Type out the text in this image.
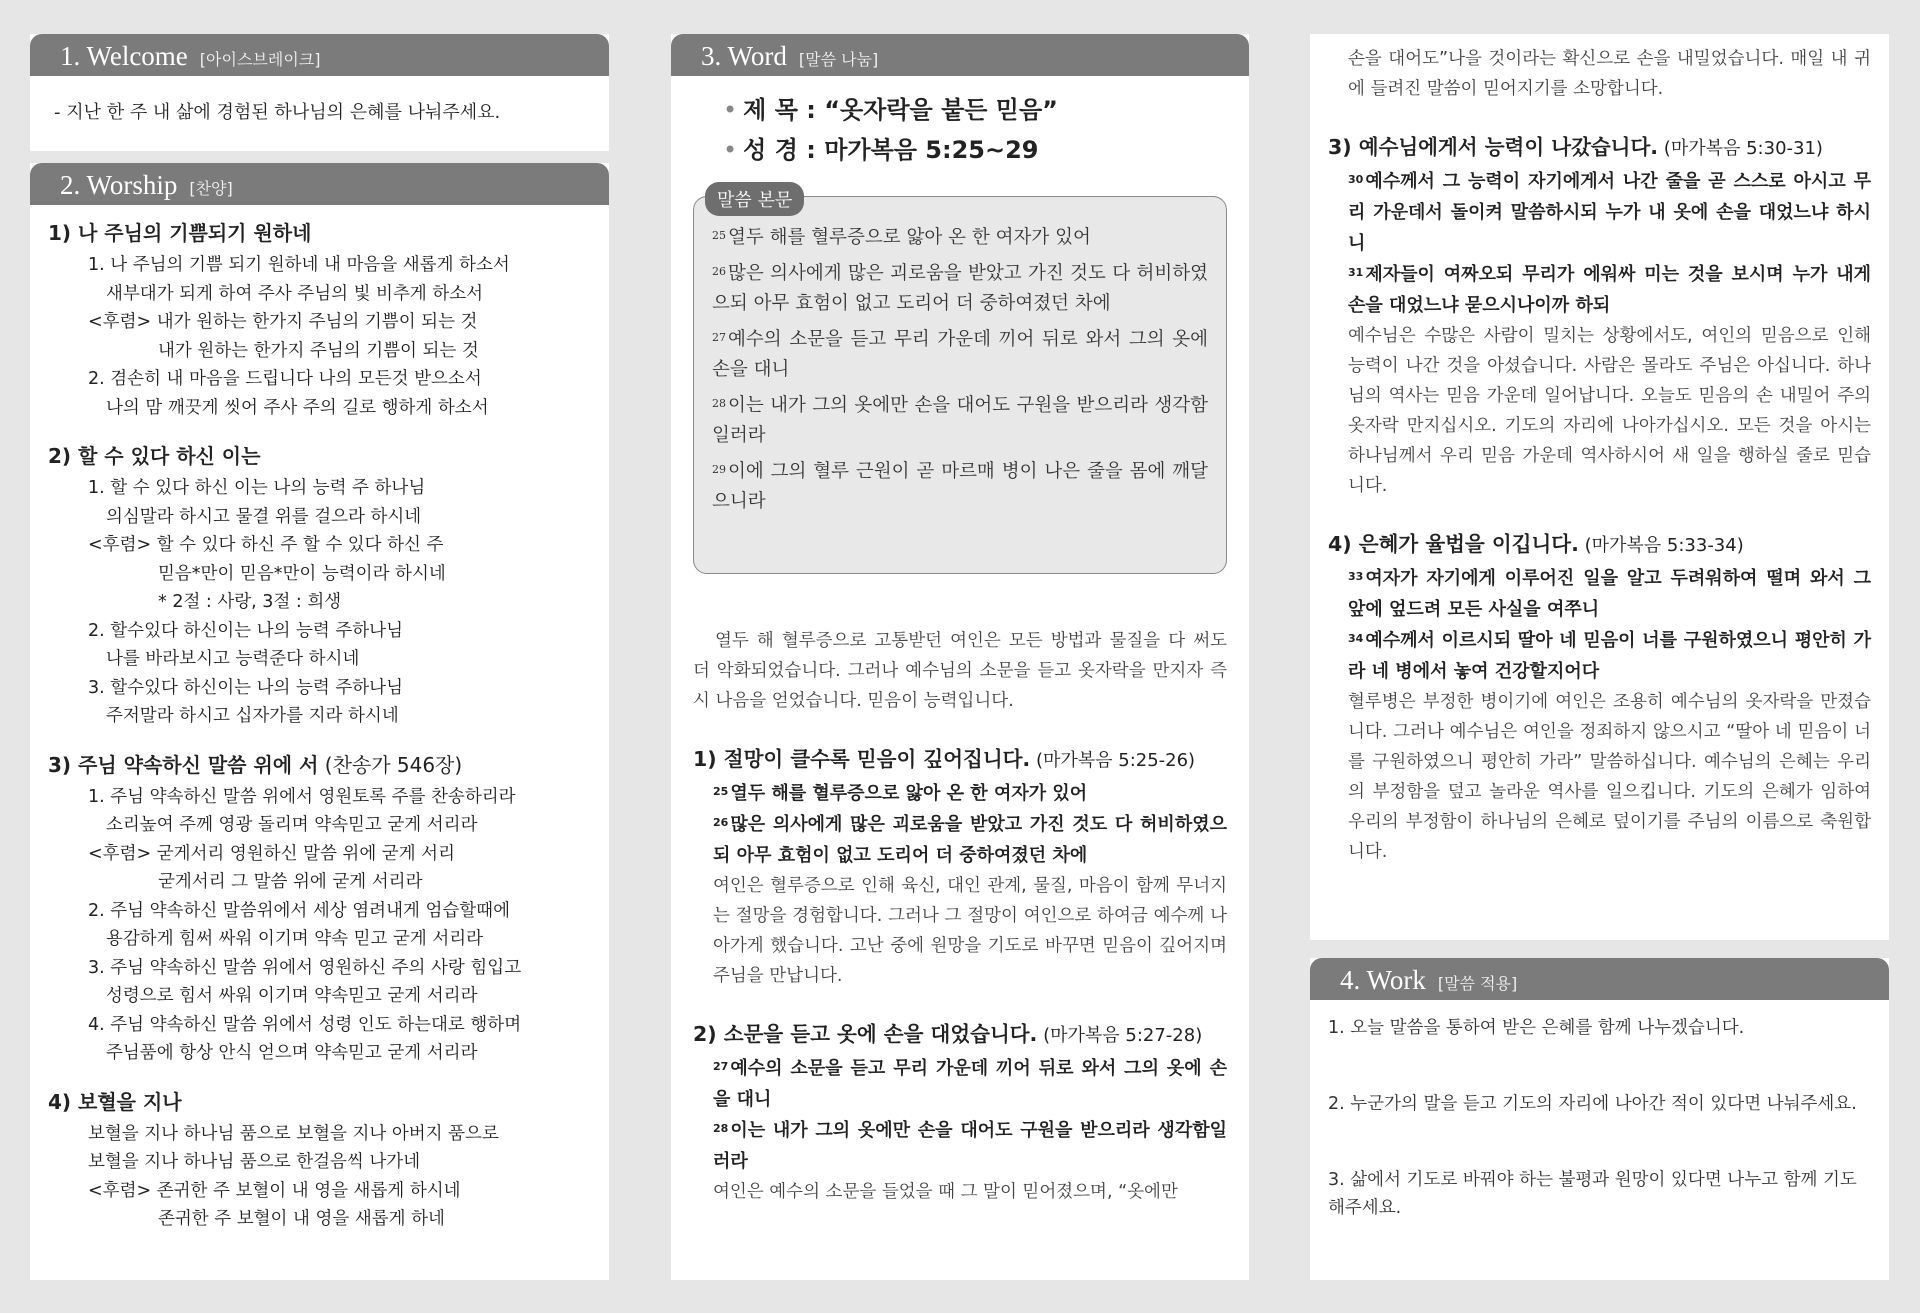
1. Welcome [아이스브레이크]
- 지난 한 주 내 삶에 경험된 하나님의 은혜를 나눠주세요.
2. Worship [찬양]
1) 나 주님의 기쁨되기 원하네
1. 나 주님의 기쁨 되기 원하네 내 마음을 새롭게 하소서
새부대가 되게 하여 주사 주님의 빛 비추게 하소서
<후렴> 내가 원하는 한가지 주님의 기쁨이 되는 것
내가 원하는 한가지 주님의 기쁨이 되는 것
2. 겸손히 내 마음을 드립니다 나의 모든것 받으소서
나의 맘 깨끗게 씻어 주사 주의 길로 행하게 하소서
2) 할 수 있다 하신 이는
1. 할 수 있다 하신 이는 나의 능력 주 하나님
의심말라 하시고 물결 위를 걸으라 하시네
<후렴> 할 수 있다 하신 주 할 수 있다 하신 주
믿음*만이 믿음*만이 능력이라 하시네
* 2절 : 사랑, 3절 : 희생
2. 할수있다 하신이는 나의 능력 주하나님
나를 바라보시고 능력준다 하시네
3. 할수있다 하신이는 나의 능력 주하나님
주저말라 하시고 십자가를 지라 하시네
3) 주님 약속하신 말씀 위에 서 (찬송가 546장)
1. 주님 약속하신 말씀 위에서 영원토록 주를 찬송하리라
소리높여 주께 영광 돌리며 약속믿고 굳게 서리라
<후렴> 굳게서리 영원하신 말씀 위에 굳게 서리
굳게서리 그 말씀 위에 굳게 서리라
2. 주님 약속하신 말씀위에서 세상 염려내게 엄습할때에
용감하게 힘써 싸워 이기며 약속 믿고 굳게 서리라
3. 주님 약속하신 말씀 위에서 영원하신 주의 사랑 힘입고
성령으로 힘서 싸워 이기며 약속믿고 굳게 서리라
4. 주님 약속하신 말씀 위에서 성령 인도 하는대로 행하며
주님품에 항상 안식 얻으며 약속믿고 굳게 서리라
4) 보혈을 지나
보혈을 지나 하나님 품으로 보혈을 지나 아버지 품으로
보혈을 지나 하나님 품으로 한걸음씩 나가네
<후렴> 존귀한 주 보혈이 내 영을 새롭게 하시네
존귀한 주 보혈이 내 영을 새롭게 하네
3. Word [말씀 나눔]
• 제 목 : “옷자락을 붙든 믿음”
• 성 경 : 마가복음 5:25~29
말씀 본문

$^{25}$ 열두 해를 혈루증으로 앓아 온 한 여자가 있어

$^{26}$ 많은 의사에게 많은 괴로움을 받았고 가진 것도 다 허비하였으되 아무 효험이 없고 도리어 더 중하여졌던 차에

$^{27}$ 예수의 소문을 듣고 무리 가운데 끼어 뒤로 와서 그의 옷에 손을 대니

$^{28}$ 이는 내가 그의 옷에만 손을 대어도 구원을 받으리라 생각함일러라

$^{29}$ 이에 그의 혈루 근원이 곧 마르매 병이 나은 줄을 몸에 깨달으니라

열두 해 혈루증으로 고통받던 여인은 모든 방법과 물질을 다 써도 더 악화되었습니다. 그러나 예수님의 소문을 듣고 옷자락을 만지자 즉시 나음을 얻었습니다. 믿음이 능력입니다.
1) 절망이 클수록 믿음이 깊어집니다. (마가복음 5:25-26)
$^{25}$ 열두 해를 혈루증으로 앓아 온 한 여자가 있어
$^{26}$ 많은 의사에게 많은 괴로움을 받았고 가진 것도 다 허비하였으되 아무 효험이 없고 도리어 더 중하여졌던 차에
여인은 혈루증으로 인해 육신, 대인 관계, 물질, 마음이 함께 무너지는 절망을 경험합니다. 그러나 그 절망이 여인으로 하여금 예수께 나아가게 했습니다. 고난 중에 원망을 기도로 바꾸면 믿음이 깊어지며 주님을 만납니다.
2) 소문을 듣고 옷에 손을 대었습니다. (마가복음 5:27-28)
$^{27}$ 예수의 소문을 듣고 무리 가운데 끼어 뒤로 와서 그의 옷에 손을 대니
$^{28}$ 이는 내가 그의 옷에만 손을 대어도 구원을 받으리라 생각함일러라
여인은 예수의 소문을 들었을 때 그 말이 믿어졌으며, “옷에만
손을 대어도”나을 것이라는 확신으로 손을 내밀었습니다. 매일 내 귀에 들려진 말씀이 믿어지기를 소망합니다.
3) 예수님에게서 능력이 나갔습니다. (마가복음 5:30-31)
$^{30}$ 예수께서 그 능력이 자기에게서 나간 줄을 곧 스스로 아시고 무리 가운데서 돌이켜 말씀하시되 누가 내 옷에 손을 대었느냐 하시니
$^{31}$ 제자들이 여짜오되 무리가 에워싸 미는 것을 보시며 누가 내게 손을 대었느냐 묻으시나이까 하되
예수님은 수많은 사람이 밀치는 상황에서도, 여인의 믿음으로 인해 능력이 나간 것을 아셨습니다. 사람은 몰라도 주님은 아십니다. 하나님의 역사는 믿음 가운데 일어납니다. 오늘도 믿음의 손 내밀어 주의 옷자락 만지십시오. 기도의 자리에 나아가십시오. 모든 것을 아시는 하나님께서 우리 믿음 가운데 역사하시어 새 일을 행하실 줄로 믿습니다.
4) 은혜가 율법을 이깁니다. (마가복음 5:33-34)
$^{33}$ 여자가 자기에게 이루어진 일을 알고 두려워하여 떨며 와서 그 앞에 엎드려 모든 사실을 여쭈니
$^{34}$ 예수께서 이르시되 딸아 네 믿음이 너를 구원하였으니 평안히 가라 네 병에서 놓여 건강할지어다
혈루병은 부정한 병이기에 여인은 조용히 예수님의 옷자락을 만졌습니다. 그러나 예수님은 여인을 정죄하지 않으시고 “딸아 네 믿음이 너를 구원하였으니 평안히 가라” 말씀하십니다. 예수님의 은혜는 우리의 부정함을 덮고 놀라운 역사를 일으킵니다. 기도의 은혜가 임하여 우리의 부정함이 하나님의 은혜로 덮이기를 주님의 이름으로 축원합니다.
4. Work [말씀 적용]

1. 오늘 말씀을 통하여 받은 은혜를 함께 나누겠습니다.

2. 누군가의 말을 듣고 기도의 자리에 나아간 적이 있다면 나눠주세요.

3. 삶에서 기도로 바꿔야 하는 불평과 원망이 있다면 나누고 함께 기도해주세요.
